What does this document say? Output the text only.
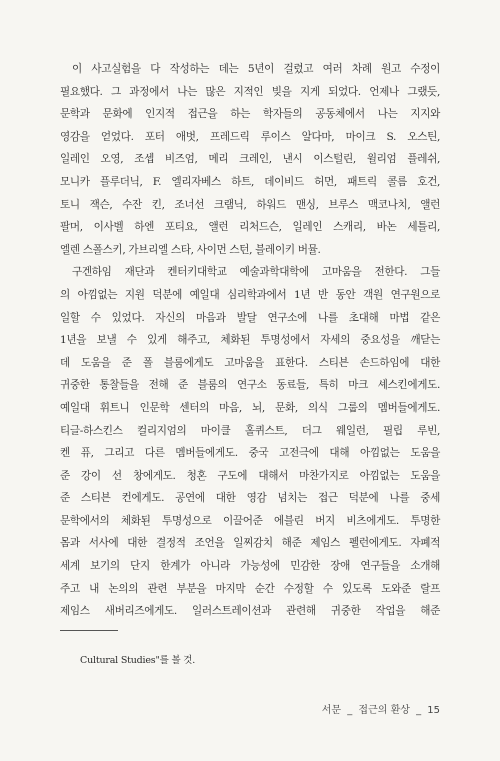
이 사고실험을 다 작성하는 데는 5년이 걸렸고 여러 차례 원고 수정이
필요했다. 그 과정에서 나는 많은 지적인 빚을 지게 되었다. 언제나 그랬듯,
문학과 문화에 인지적 접근을 하는 학자들의 공동체에서 나는 지지와
영감을 얻었다. 포터 애벗, 프레드릭 루이스 알다마, 마이크 S. 오스틴,
일레인 오영, 조셉 비즈엄, 메리 크레인, 낸시 이스털린, 윌리엄 플레쉬,
모니카 플루더닉, F. 엘리자베스 하트, 데이비드 허먼, 패트릭 콜름 호건,
토니 잭슨, 수잔 킨, 조너선 크램닉, 하워드 맨싱, 브루스 맥코나치, 앨런
팔머, 이사벨 하엔 포티요, 앨런 리처드슨, 일레인 스캐리, 바논 세틀리,
엘렌 스폴스키, 가브리엘 스타, 사이먼 스턴, 블레이키 버뮬.

구겐하임 재단과 켄터키대학교 예술과학대학에 고마움을 전한다. 그들
의 아낌없는 지원 덕분에 예일대 심리학과에서 1년 반 동안 객원 연구원으로
일할 수 있었다. 자신의 마음과 발달 연구소에 나를 초대해 마법 같은
1년을 보낼 수 있게 해주고, 체화된 투명성에서 자세의 중요성을 깨닫는
데 도움을 준 폴 블룸에게도 고마움을 표한다. 스티븐 손드하임에 대한
귀중한 통찰들을 전해 준 블룸의 연구소 동료들, 특히 마크 셰스킨에게도.
예일대 휘트니 인문학 센터의 마음, 뇌, 문화, 의식 그룹의 멤버들에게도.
티글-하스킨스 컬리지엄의 마이클 홀퀴스트, 더그 웨일런, 필립 루빈,
켄 퓨, 그리고 다른 멤버들에게도. 중국 고전극에 대해 아낌없는 도움을
준 강이 선 창에게도. 청혼 구도에 대해서 마찬가지로 아낌없는 도움을
준 스티븐 컨에게도. 공연에 대한 영감 넘치는 접근 덕분에 나를 중세
문학에서의 체화된 투명성으로 이끌어준 에블린 버지 비츠에게도. 투명한
몸과 서사에 대한 결정적 조언을 일찌감치 해준 제임스 펠런에게도. 자폐적
세계 보기의 단지 한계가 아니라 가능성에 민감한 장애 연구들을 소개해
주고 내 논의의 관련 부분을 마지막 순간 수정할 수 있도록 도와준 랄프
제임스 새버리즈에게도. 일러스트레이션과 관련해 귀중한 작업을 해준

Cultural Studies"를 볼 것.
서문 _ 접근의 환상 _ 15
